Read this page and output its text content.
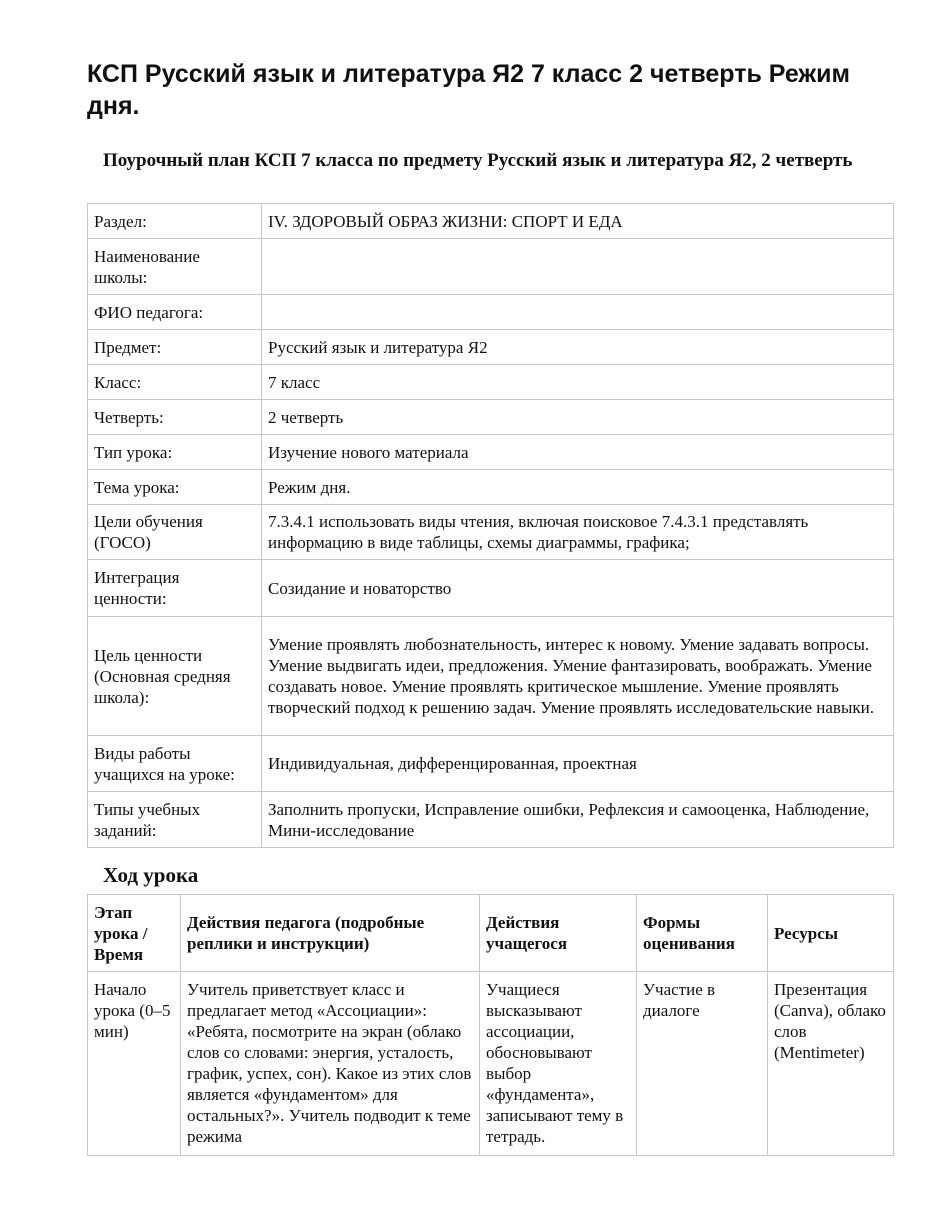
КСП Русский язык и литература Я2 7 класс 2 четверть Режим дня.
Поурочный план КСП 7 класса по предмету Русский язык и литература Я2, 2 четверть
Раздел:	IV. ЗДОРОВЫЙ ОБРАЗ ЖИЗНИ: СПОРТ И ЕДА
Наименование школы:	
ФИО педагога:	
Предмет:	Русский язык и литература Я2
Класс:	7 класс
Четверть:	2 четверть
Тип урока:	Изучение нового материала
Тема урока:	Режим дня.
Цели обучения (ГОСО)	7.3.4.1 использовать виды чтения, включая поисковое 7.4.3.1 представлять информацию в виде таблицы, схемы диаграммы, графика;
Интеграция ценности:	Созидание и новаторство
Цель ценности (Основная средняя школа):	Умение проявлять любознательность, интерес к новому. Умение задавать вопросы. Умение выдвигать идеи, предложения. Умение фантазировать, воображать. Умение создавать новое. Умение проявлять критическое мышление. Умение проявлять творческий подход к решению задач. Умение проявлять исследовательские навыки.
Виды работы учащихся на уроке:	Индивидуальная, дифференцированная, проектная
Типы учебных заданий:	Заполнить пропуски, Исправление ошибки, Рефлексия и самооценка, Наблюдение, Мини-исследование
Ход урока
Этап урока / Время	Действия педагога (подробные реплики и инструкции)	Действия учащегося	Формы оценивания	Ресурсы
Начало урока (0–5 мин)	Учитель приветствует класс и предлагает метод «Ассоциации»: «Ребята, посмотрите на экран (облако слов со словами: энергия, усталость, график, успех, сон). Какое из этих слов является «фундаментом» для остальных?». Учитель подводит к теме режима	Учащиеся высказывают ассоциации, обосновывают выбор «фундамента», записывают тему в тетрадь.	Участие в диалоге	Презентация (Canva), облако слов (Mentimeter)
